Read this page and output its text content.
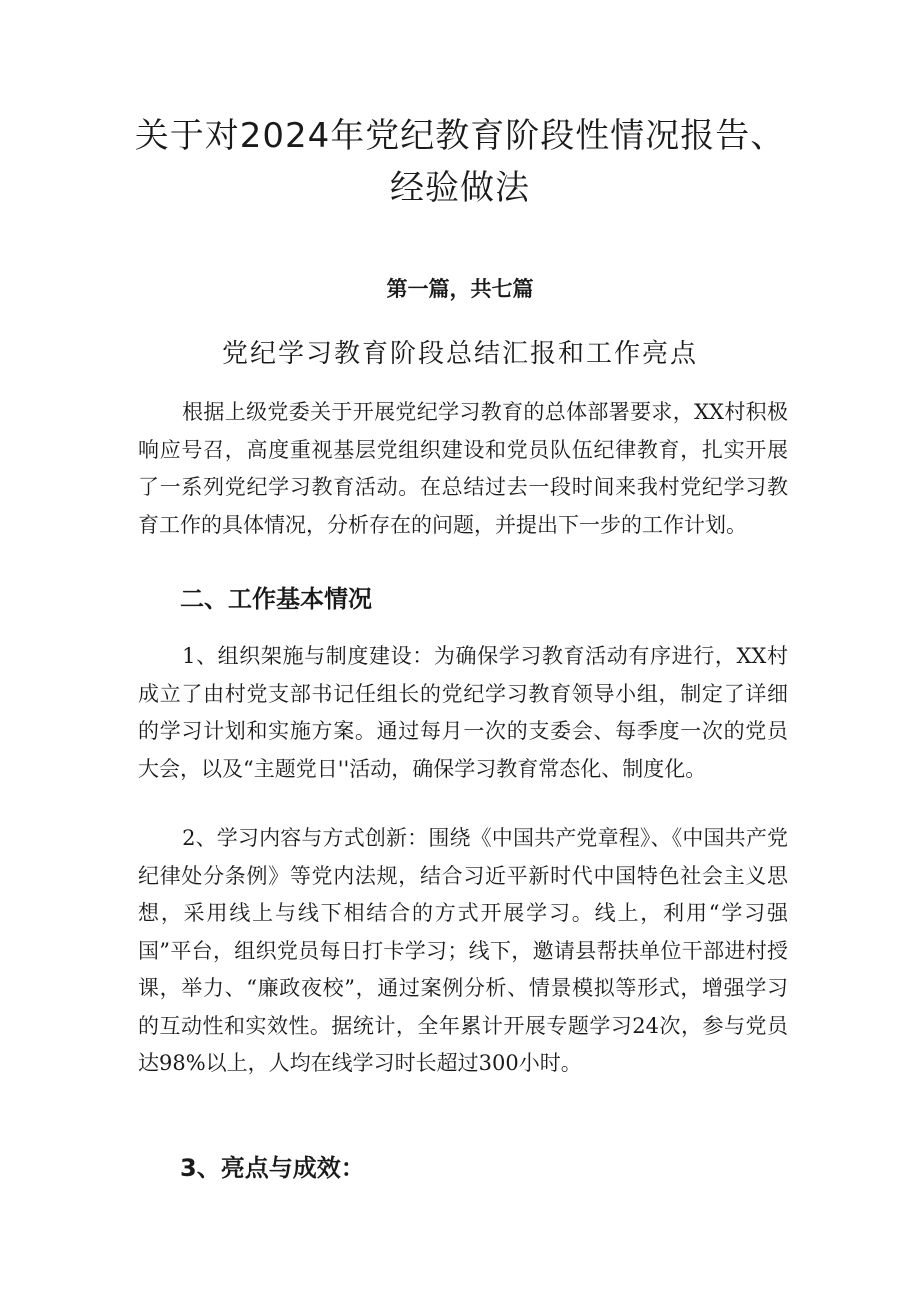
关于对2024年党纪教育阶段性情况报告、经验做法

第一篇，共七篇

党纪学习教育阶段总结汇报和工作亮点

根据上级党委关于开展党纪学习教育的总体部署要求，XX村积极响应号召，高度重视基层党组织建设和党员队伍纪律教育，扎实开展了一系列党纪学习教育活动。在总结过去一段时间来我村党纪学习教育工作的具体情况，分析存在的问题，并提出下一步的工作计划。

二、工作基本情况

1、组织架施与制度建设：为确保学习教育活动有序进行，XX村成立了由村党支部书记任组长的党纪学习教育领导小组，制定了详细的学习计划和实施方案。通过每月一次的支委会、每季度一次的党员大会，以及“主题党日''活动，确保学习教育常态化、制度化。

2、学习内容与方式创新：围绕《中国共产党章程》、《中国共产党纪律处分条例》等党内法规，结合习近平新时代中国特色社会主义思想，采用线上与线下相结合的方式开展学习。线上，利用“学习强国”平台，组织党员每日打卡学习；线下，邀请县帮扶单位干部进村授课，举力、“廉政夜校”，通过案例分析、情景模拟等形式，增强学习的互动性和实效性。据统计，全年累计开展专题学习24次，参与党员达98%以上，人均在线学习时长超过300小时。

3、亮点与成效：
